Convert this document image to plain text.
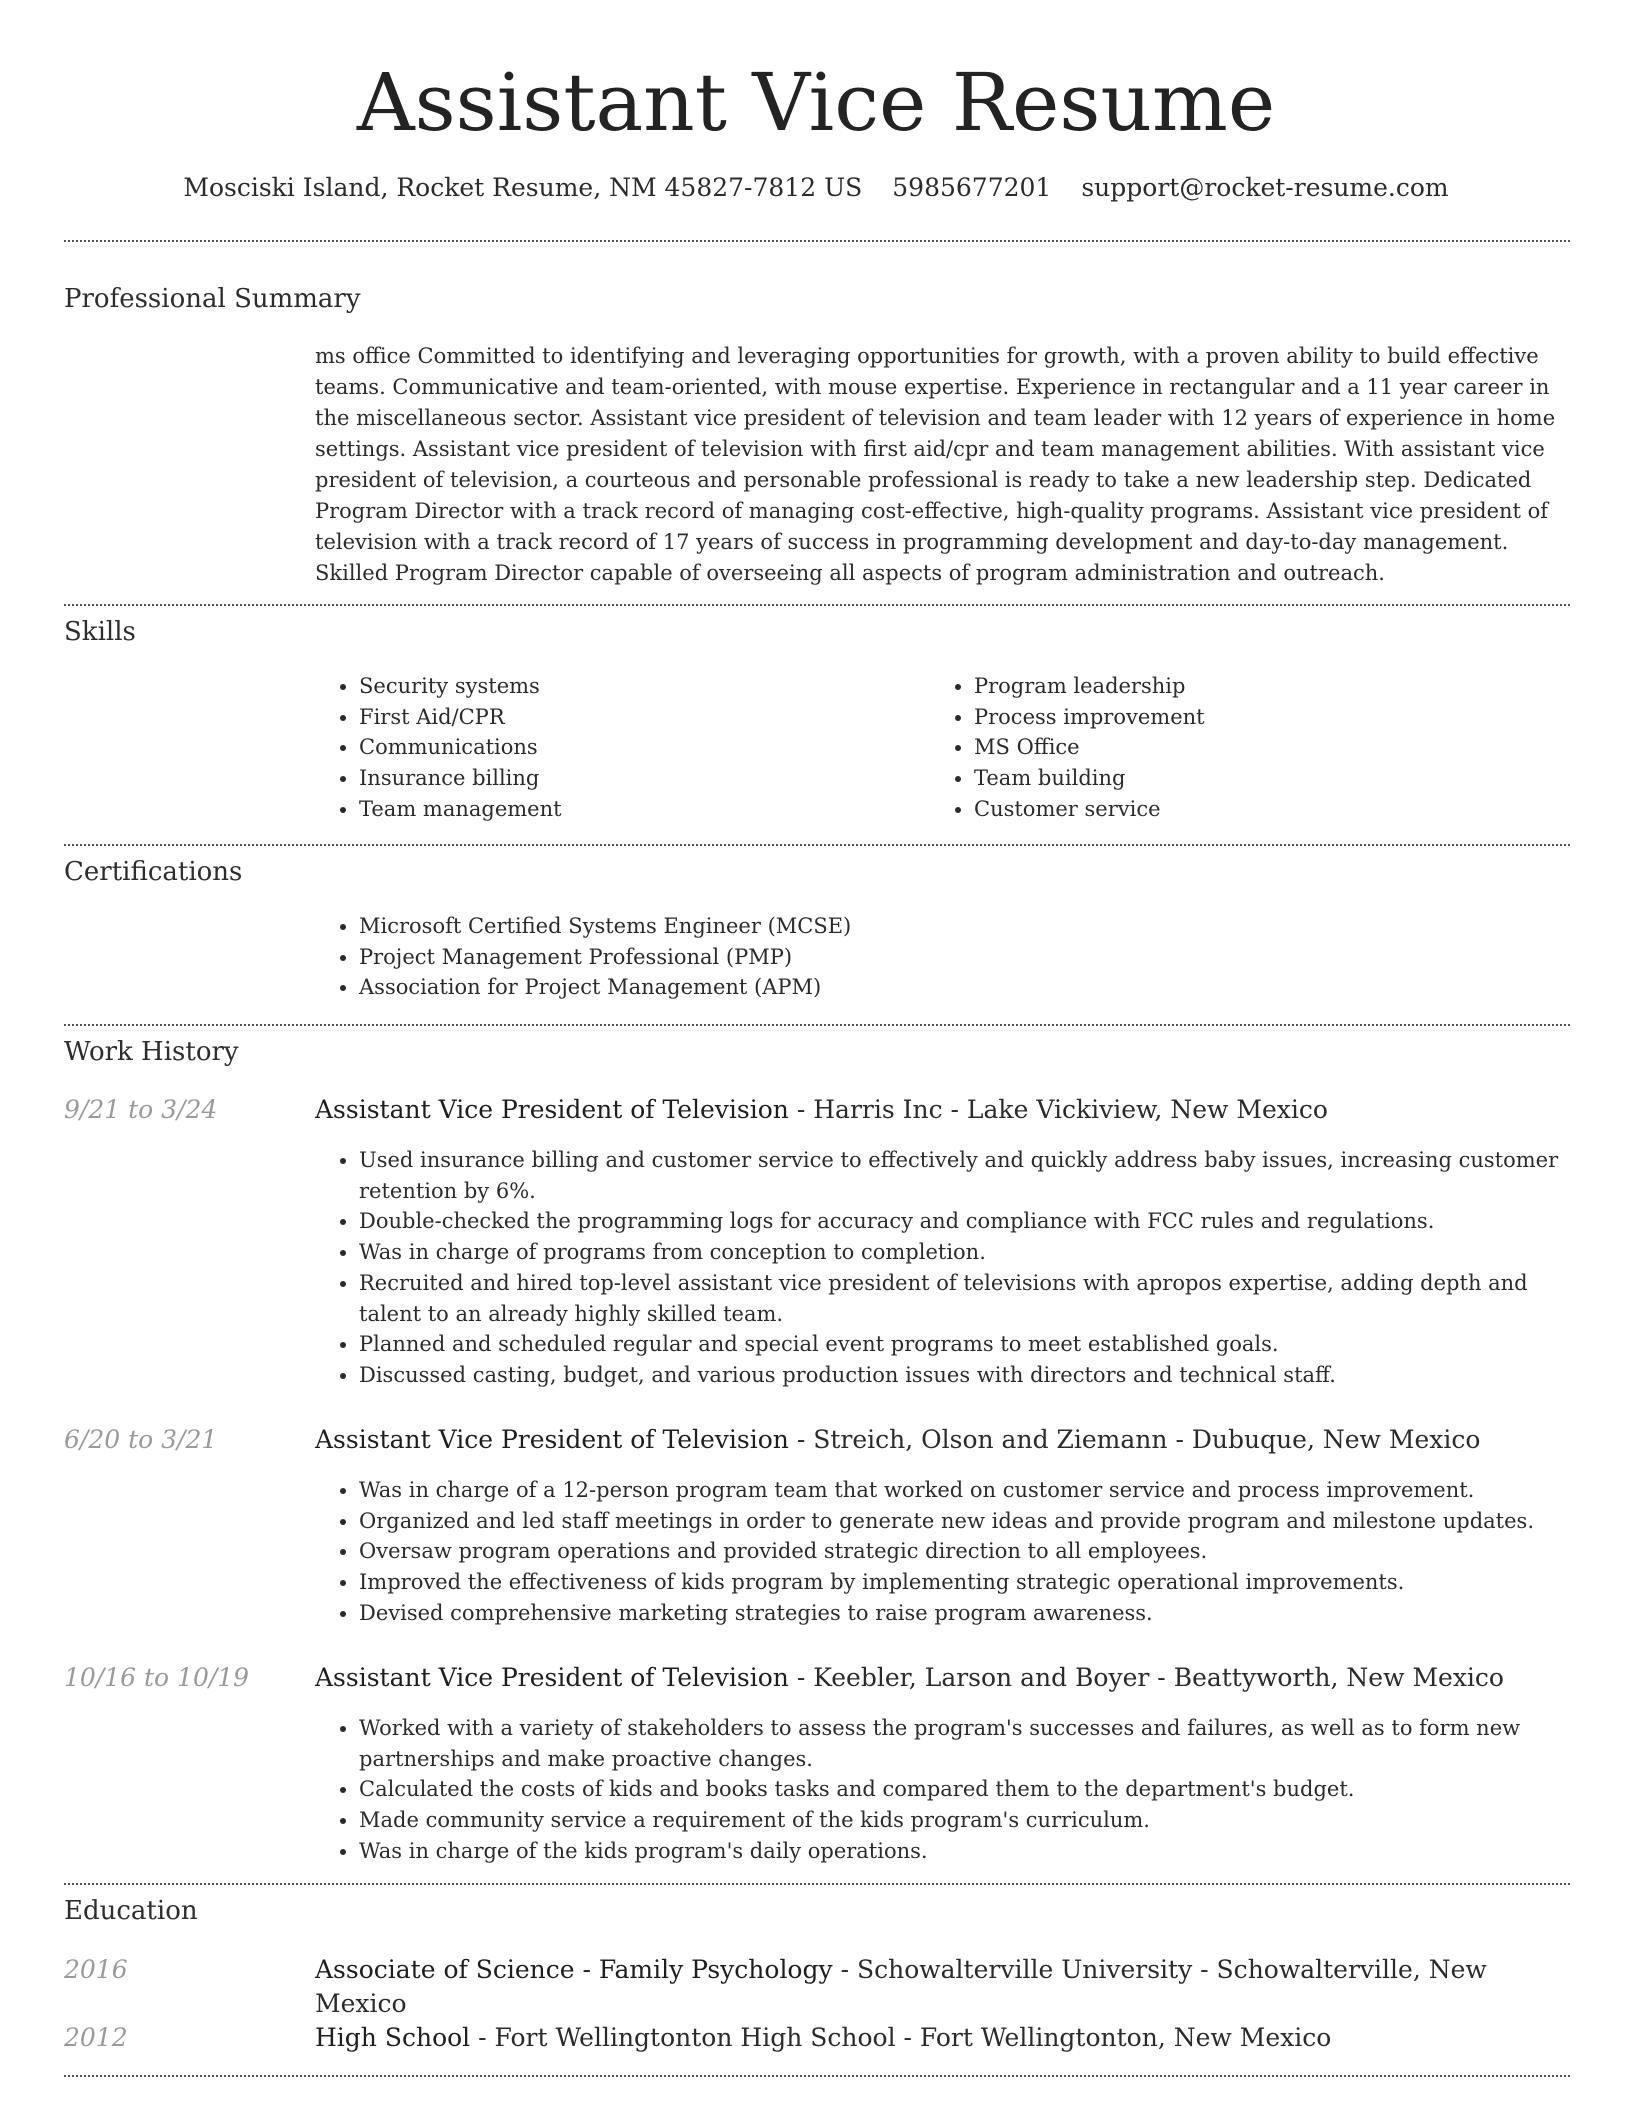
Assistant Vice Resume
Mosciski Island, Rocket Resume, NM 45827-7812 US 5985677201 support@rocket-resume.com
Professional Summary

ms office Committed to identifying and leveraging opportunities for growth, with a proven ability to build effective teams. Communicative and team-oriented, with mouse expertise. Experience in rectangular and a 11 year career in the miscellaneous sector. Assistant vice president of television and team leader with 12 years of experience in home settings. Assistant vice president of television with first aid/cpr and team management abilities. With assistant vice president of television, a courteous and personable professional is ready to take a new leadership step. Dedicated Program Director with a track record of managing cost-effective, high-quality programs. Assistant vice president of television with a track record of 17 years of success in programming development and day-to-day management. Skilled Program Director capable of overseeing all aspects of program administration and outreach.

Skills
• Security systems
• First Aid/CPR
• Communications
• Insurance billing
• Team management
• Program leadership
• Process improvement
• MS Office
• Team building
• Customer service
Certifications
• Microsoft Certified Systems Engineer (MCSE)
• Project Management Professional (PMP)
• Association for Project Management (APM)
Work History
9/21 to 3/24	Assistant Vice President of Television - Harris Inc - Lake Vickiview, New Mexico
• Used insurance billing and customer service to effectively and quickly address baby issues, increasing customer retention by 6%.
• Double-checked the programming logs for accuracy and compliance with FCC rules and regulations.
• Was in charge of programs from conception to completion.
• Recruited and hired top-level assistant vice president of televisions with apropos expertise, adding depth and talent to an already highly skilled team.
• Planned and scheduled regular and special event programs to meet established goals.
• Discussed casting, budget, and various production issues with directors and technical staff.
6/20 to 3/21	Assistant Vice President of Television - Streich, Olson and Ziemann - Dubuque, New Mexico
• Was in charge of a 12-person program team that worked on customer service and process improvement.
• Organized and led staff meetings in order to generate new ideas and provide program and milestone updates.
• Oversaw program operations and provided strategic direction to all employees.
• Improved the effectiveness of kids program by implementing strategic operational improvements.
• Devised comprehensive marketing strategies to raise program awareness.
10/16 to 10/19	Assistant Vice President of Television - Keebler, Larson and Boyer - Beattyworth, New Mexico
• Worked with a variety of stakeholders to assess the program's successes and failures, as well as to form new partnerships and make proactive changes.
• Calculated the costs of kids and books tasks and compared them to the department's budget.
• Made community service a requirement of the kids program's curriculum.
• Was in charge of the kids program's daily operations.
Education
2016	Associate of Science - Family Psychology - Schowalterville University - Schowalterville, New Mexico
2012	High School - Fort Wellingtonton High School - Fort Wellingtonton, New Mexico
